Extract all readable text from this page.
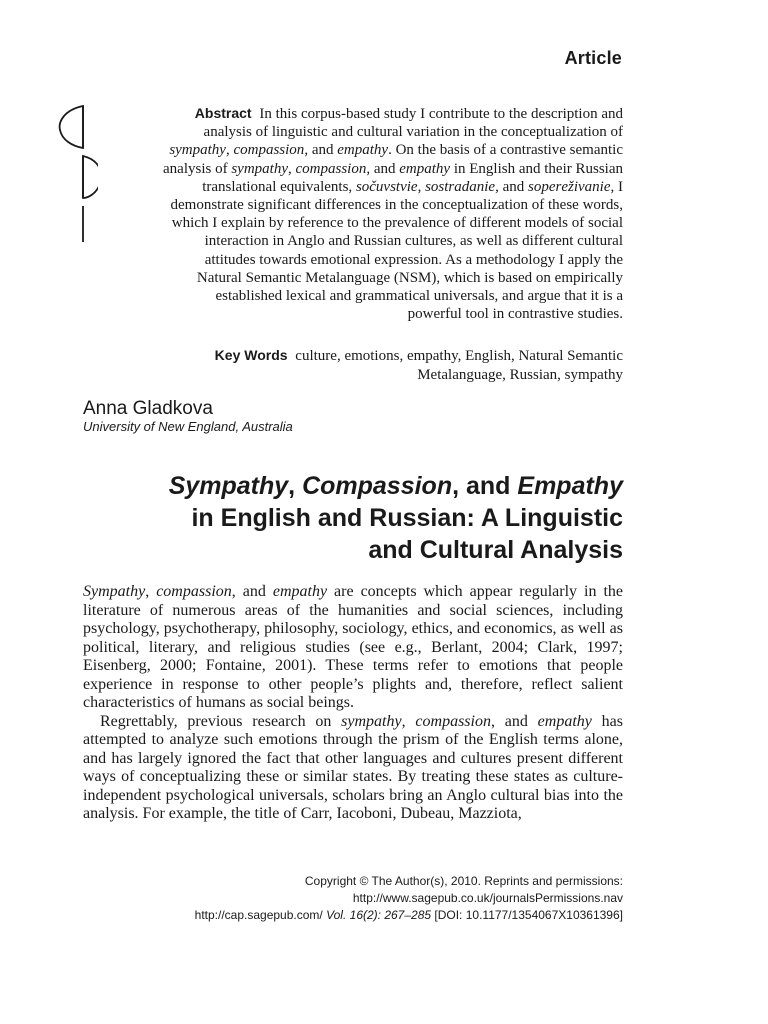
Article
Abstract In this corpus-based study I contribute to the description and analysis of linguistic and cultural variation in the conceptualization of sympathy, compassion, and empathy. On the basis of a contrastive semantic analysis of sympathy, compassion, and empathy in English and their Russian translational equivalents, sočuvstvie, sostradanie, and soperеživanie, I demonstrate significant differences in the conceptualization of these words, which I explain by reference to the prevalence of different models of social interaction in Anglo and Russian cultures, as well as different cultural attitudes towards emotional expression. As a methodology I apply the Natural Semantic Metalanguage (NSM), which is based on empirically established lexical and grammatical universals, and argue that it is a powerful tool in contrastive studies.
Key Words culture, emotions, empathy, English, Natural Semantic Metalanguage, Russian, sympathy
Anna Gladkova
University of New England, Australia
Sympathy, Compassion, and Empathy
in English and Russian: A Linguistic
and Cultural Analysis

Sympathy, compassion, and empathy are concepts which appear regularly in the literature of numerous areas of the humanities and social sciences, including psychology, psychotherapy, philosophy, sociology, ethics, and economics, as well as political, literary, and religious studies (see e.g., Berlant, 2004; Clark, 1997; Eisenberg, 2000; Fontaine, 2001). These terms refer to emotions that people experience in response to other people’s plights and, therefore, reflect salient characteristics of humans as social beings.

Regrettably, previous research on sympathy, compassion, and empathy has attempted to analyze such emotions through the prism of the English terms alone, and has largely ignored the fact that other languages and cultures present different ways of conceptualizing these or similar states. By treating these states as culture-independent psychological universals, scholars bring an Anglo cultural bias into the analysis. For example, the title of Carr, Iacoboni, Dubeau, Mazziota,

Copyright © The Author(s), 2010. Reprints and permissions:
http://www.sagepub.co.uk/journalsPermissions.nav
http://cap.sagepub.com/ Vol. 16(2): 267–285 [DOI: 10.1177/1354067X10361396]
